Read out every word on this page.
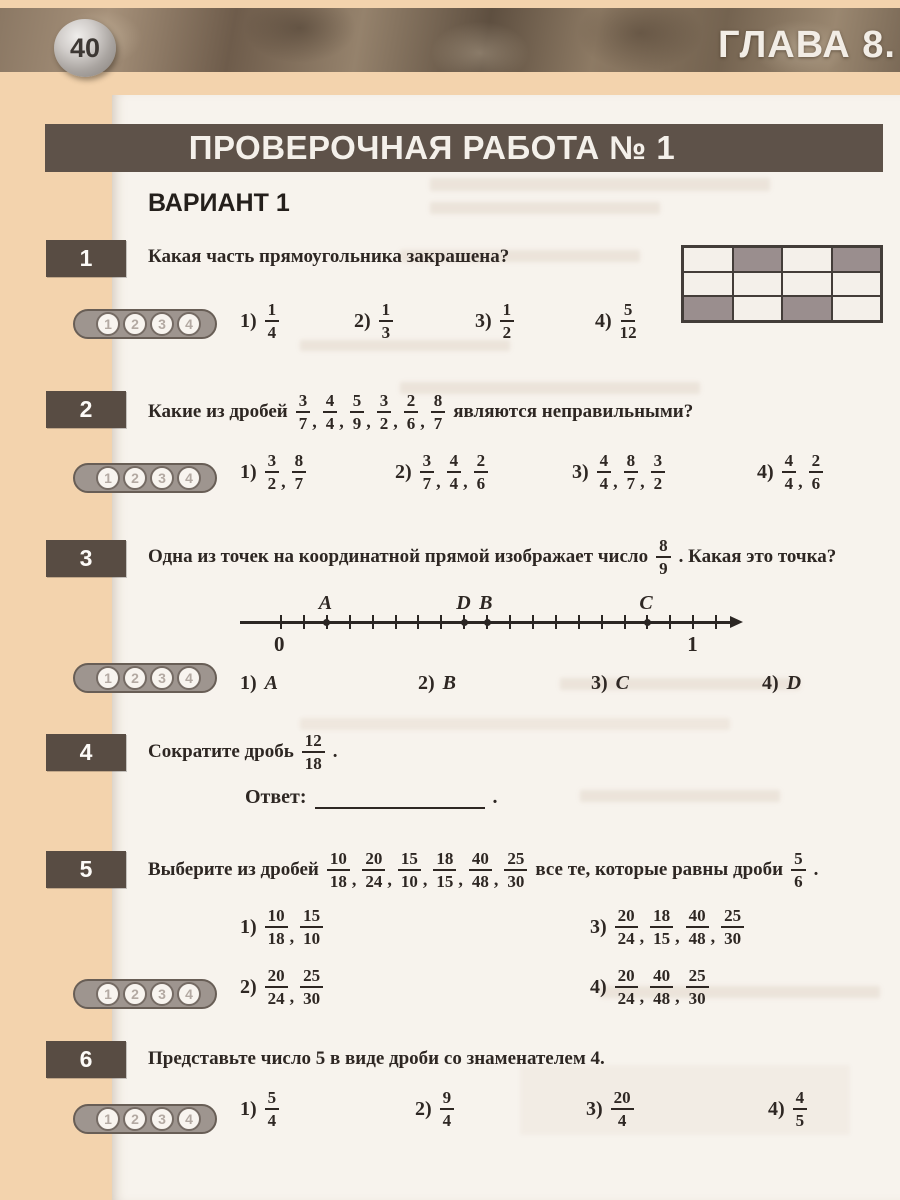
40	ГЛАВА 8.
ПРОВЕРОЧНАЯ РАБОТА № 1
ВАРИАНТ 1
1	Какая часть прямоугольника закрашена?
$1) \frac{1}{4}$	$2) \frac{1}{3}$	$3) \frac{1}{2}$	$4) \frac{5}{12}$
1	2	3	4
2	Какие из дробей $\frac{3}{7}$ , $\frac{4}{4}$ , $\frac{5}{9}$ , $\frac{3}{2}$ , $\frac{2}{6}$ , $\frac{8}{7}$ являются неправильными?
$1) \frac{3}{2}$ , $\frac{8}{7}$	$2) \frac{3}{7}$ , $\frac{4}{4}$ , $\frac{2}{6}$	$3) \frac{4}{4}$ , $\frac{8}{7}$ , $\frac{3}{2}$	$4) \frac{4}{4}$ , $\frac{2}{6}$
1	2	3	4
3	Одна из точек на координатной прямой изображает число $\frac{8}{9}$ . Какая это точка?
A	D B	C
0	1
1) A	2) B	3) C	4) D
1	2	3	4
4	Сократите дробь $\frac{12}{18}$ .
Ответ:	.
5	Выберите из дробей $\frac{10}{18}$ , $\frac{20}{24}$ , $\frac{15}{10}$ , $\frac{18}{15}$ , $\frac{40}{48}$ , $\frac{25}{30}$ все те, которые равны дроби $\frac{5}{6}$ .
$1) \frac{10}{18}$ , $\frac{15}{10}$	$3) \frac{20}{24}$ , $\frac{18}{15}$ , $\frac{40}{48}$ , $\frac{25}{30}$
$2) \frac{20}{24}$ , $\frac{25}{30}$	$4) \frac{20}{24}$ , $\frac{40}{48}$ , $\frac{25}{30}$
1	2	3	4
6	Представьте число 5 в виде дроби со знаменателем 4.
$1) \frac{5}{4}$	$2) \frac{9}{4}$	$3) \frac{20}{4}$	$4) \frac{4}{5}$
1	2	3	4
